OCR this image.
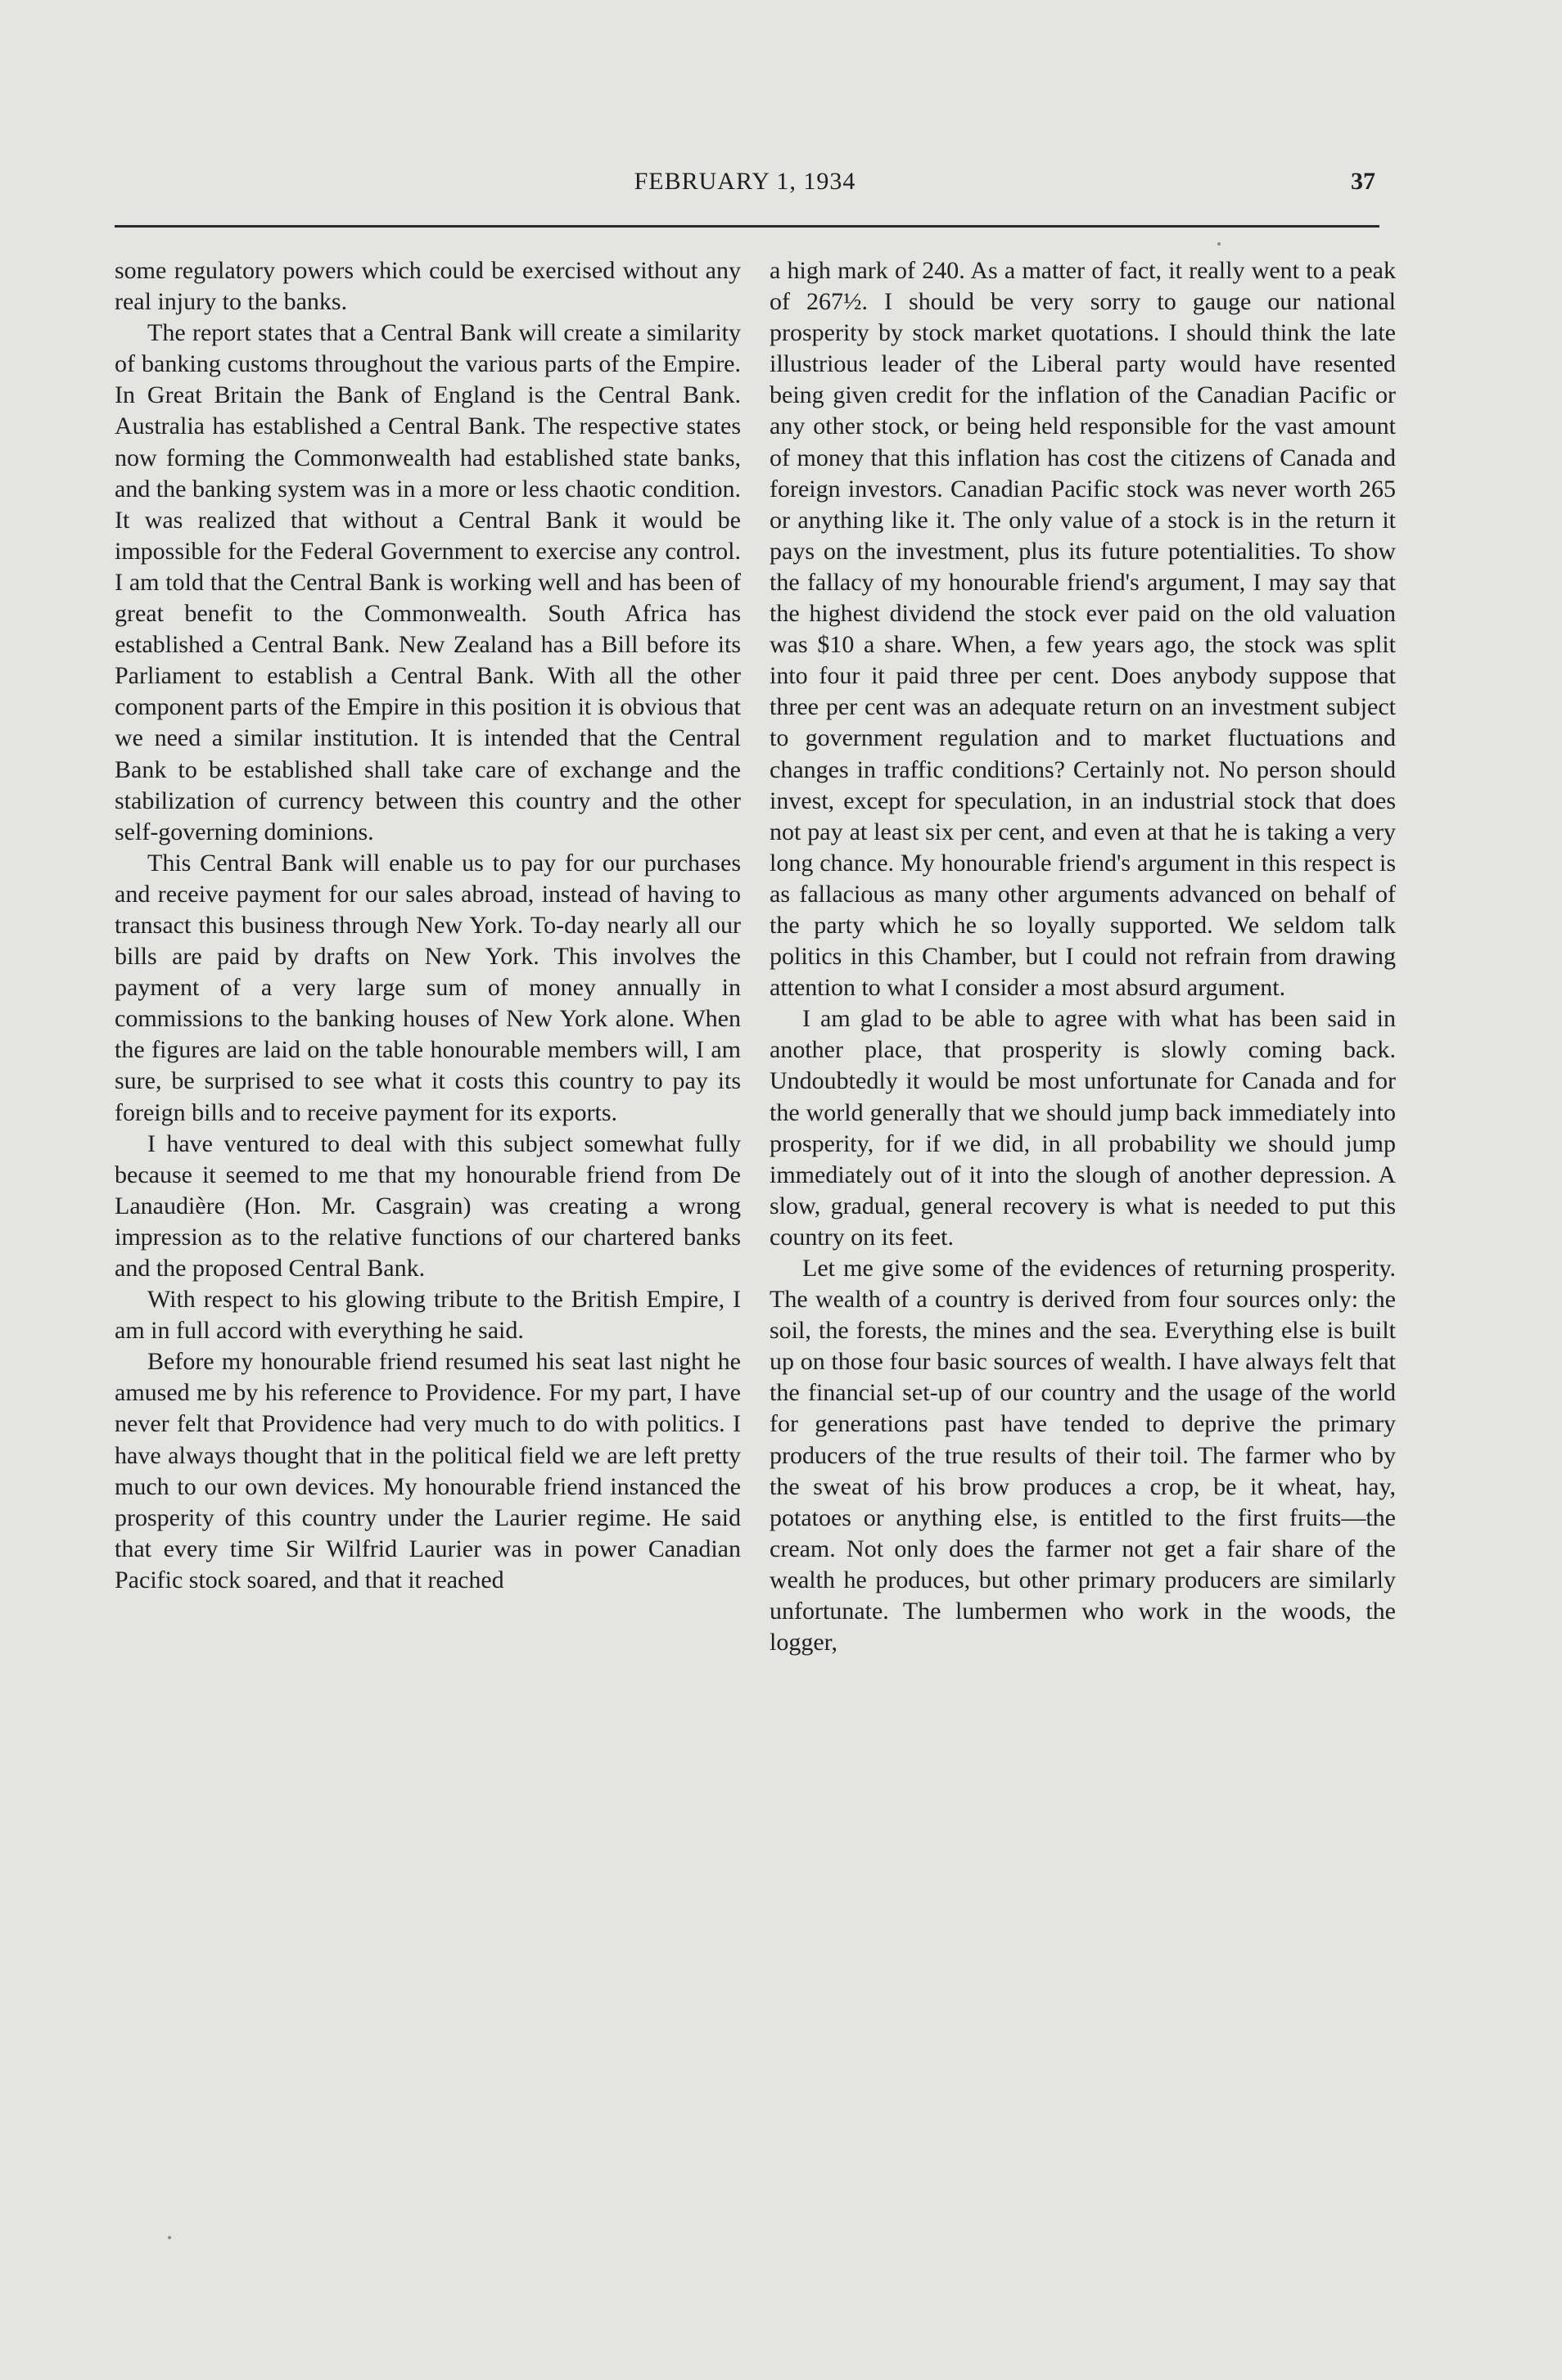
FEBRUARY 1, 1934	37

some regulatory powers which could be exercised without any real injury to the banks.

The report states that a Central Bank will create a similarity of banking customs throughout the various parts of the Empire. In Great Britain the Bank of England is the Central Bank. Australia has established a Central Bank. The respective states now forming the Commonwealth had established state banks, and the banking system was in a more or less chaotic condition. It was realized that without a Central Bank it would be impossible for the Federal Government to exercise any control. I am told that the Central Bank is working well and has been of great benefit to the Commonwealth. South Africa has established a Central Bank. New Zealand has a Bill before its Parliament to establish a Central Bank. With all the other component parts of the Empire in this position it is obvious that we need a similar institution. It is intended that the Central Bank to be established shall take care of exchange and the stabilization of currency between this country and the other self-governing dominions.

This Central Bank will enable us to pay for our purchases and receive payment for our sales abroad, instead of having to transact this business through New York. To-day nearly all our bills are paid by drafts on New York. This involves the payment of a very large sum of money annually in commissions to the banking houses of New York alone. When the figures are laid on the table honourable members will, I am sure, be surprised to see what it costs this country to pay its foreign bills and to receive payment for its exports.

I have ventured to deal with this subject somewhat fully because it seemed to me that my honourable friend from De Lanaudière (Hon. Mr. Casgrain) was creating a wrong impression as to the relative functions of our chartered banks and the proposed Central Bank.

With respect to his glowing tribute to the British Empire, I am in full accord with everything he said.

Before my honourable friend resumed his seat last night he amused me by his reference to Providence. For my part, I have never felt that Providence had very much to do with politics. I have always thought that in the political field we are left pretty much to our own devices. My honourable friend instanced the prosperity of this country under the Laurier regime. He said that every time Sir Wilfrid Laurier was in power Canadian Pacific stock soared, and that it reached

a high mark of 240. As a matter of fact, it really went to a peak of 267½. I should be very sorry to gauge our national prosperity by stock market quotations. I should think the late illustrious leader of the Liberal party would have resented being given credit for the inflation of the Canadian Pacific or any other stock, or being held responsible for the vast amount of money that this inflation has cost the citizens of Canada and foreign investors. Canadian Pacific stock was never worth 265 or anything like it. The only value of a stock is in the return it pays on the investment, plus its future potentialities. To show the fallacy of my honourable friend's argument, I may say that the highest dividend the stock ever paid on the old valuation was $10 a share. When, a few years ago, the stock was split into four it paid three per cent. Does anybody suppose that three per cent was an adequate return on an investment subject to government regulation and to market fluctuations and changes in traffic conditions? Certainly not. No person should invest, except for speculation, in an industrial stock that does not pay at least six per cent, and even at that he is taking a very long chance. My honourable friend's argument in this respect is as fallacious as many other arguments advanced on behalf of the party which he so loyally supported. We seldom talk politics in this Chamber, but I could not refrain from drawing attention to what I consider a most absurd argument.

I am glad to be able to agree with what has been said in another place, that prosperity is slowly coming back. Undoubtedly it would be most unfortunate for Canada and for the world generally that we should jump back immediately into prosperity, for if we did, in all probability we should jump immediately out of it into the slough of another depression. A slow, gradual, general recovery is what is needed to put this country on its feet.

Let me give some of the evidences of returning prosperity. The wealth of a country is derived from four sources only: the soil, the forests, the mines and the sea. Everything else is built up on those four basic sources of wealth. I have always felt that the financial set-up of our country and the usage of the world for generations past have tended to deprive the primary producers of the true results of their toil. The farmer who by the sweat of his brow produces a crop, be it wheat, hay, potatoes or anything else, is entitled to the first fruits—the cream. Not only does the farmer not get a fair share of the wealth he produces, but other primary producers are similarly unfortunate. The lumbermen who work in the woods, the logger,
